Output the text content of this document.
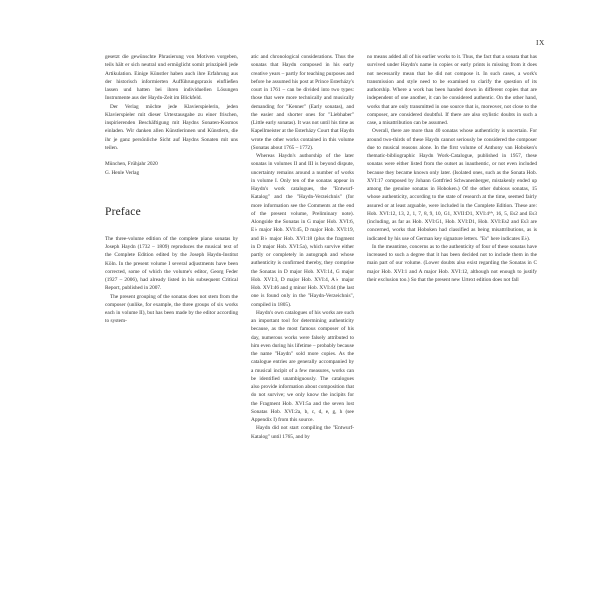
IX

gesetzt die gewünschte Phrasierung von Motiven vorgeben, teils hält er sich neutral und ermöglicht somit prinzipiell jede Artikulation. Einige Künstler haben auch ihre Erfahrung aus der historisch informierten Aufführungspraxis einfließen lassen und hatten bei ihren individuellen Lösungen Instrumente aus der Haydn-Zeit im Blickfeld.

Der Verlag möchte jede Klavierspielerin, jeden Klavierspieler mit dieser Urtextausgabe zu einer frischen, inspirierenden Beschäftigung mit Haydns Sonaten-Kosmos einladen. Wir danken allen Künstlerinnen und Künstlern, die ihr je ganz persönliche Sicht auf Haydns Sonaten mit uns teilen.

München, Frühjahr 2020
G. Henle Verlag
Preface

The three-volume edition of the complete piano sonatas by Joseph Haydn (1732 – 1809) reproduces the musical text of the Complete Edition edited by the Joseph Haydn-Institut Köln. In the present volume I several adjustments have been corrected, some of which the volume's editor, Georg Feder (1927 – 2006), had already listed in his subsequent Critical Report, published in 2007.

The present grouping of the sonatas does not stem from the composer (unlike, for example, the three groups of six works each in volume II), but has been made by the editor according to system-

atic and chronological considerations. Thus the sonatas that Haydn composed in his early creative years – partly for teaching purposes and before he assumed his post at Prince Esterházy's court in 1761 – can be divided into two types: those that were more technically and musically demanding for "Kenner" (Early sonatas), and the easier and shorter ones for "Liebhaber" (Little early sonatas). It was not until his time as Kapellmeister at the Esterházy Court that Haydn wrote the other works contained in this volume (Sonatas about 1765 – 1772).

Whereas Haydn's authorship of the later sonatas in volumes II and III is beyond dispute, uncertainty remains around a number of works in volume I. Only ten of the sonatas appear in Haydn's work catalogues, the "Entwurf-Katalog" and the "Haydn-Verzeichnis" (for more information see the Comments at the end of the present volume, Preliminary note). Alongside the Sonatas in G major Hob. XVI:6, E♭ major Hob. XVI:45, D major Hob. XVI:19, and B♭ major Hob. XVI:18 (plus the fragment in D major Hob. XVI:5a), which survive either partly or completely in autograph and whose authenticity is confirmed thereby, they comprise the Sonatas in D major Hob. XVI:14, G major Hob. XVI:3, D major Hob. XVI:4, A♭ major Hob. XVI:46 and g minor Hob. XVI:44 (the last one is found only in the "Haydn-Verzeichnis", compiled in 1805).

Haydn's own catalogues of his works are such an important tool for determining authenticity because, as the most famous composer of his day, numerous works were falsely attributed to him even during his lifetime – probably because the name "Haydn" sold more copies. As the catalogue entries are generally accompanied by a musical incipit of a few measures, works can be identified unambiguously. The catalogues also provide information about composition that do not survive; we only know the incipits for the Fragment Hob. XVI:5a and the seven lost Sonatas Hob. XVI:2a, b, c, d, e, g, h (see Appendix I) from this source.

Haydn did not start compiling the "Entwurf-Katalog" until 1765, and by

no means added all of his earlier works to it. Thus, the fact that a sonata that has survived under Haydn's name in copies or early prints is missing from it does not necessarily mean that he did not compose it. In such cases, a work's transmission and style need to be examined to clarify the question of its authorship. Where a work has been handed down in different copies that are independent of one another, it can be considered authentic. On the other hand, works that are only transmitted in one source that is, moreover, not close to the composer, are considered doubtful. If there are also stylistic doubts in such a case, a misattribution can be assumed.

Overall, there are more than 40 sonatas whose authenticity is uncertain. For around two-thirds of these Haydn cannot seriously be considered the composer due to musical reasons alone. In the first volume of Anthony van Hoboken's thematic-bibliographic Haydn Work-Catalogue, published in 1957, these sonatas were either listed from the outset as inauthentic, or not even included because they became known only later. (Isolated ones, such as the Sonata Hob. XVI:17 composed by Johann Gottfried Schwanenberger, mistakenly ended up among the genuine sonatas in Hoboken.) Of the other dubious sonatas, 15 whose authenticity, according to the state of research at the time, seemed fairly assured or at least arguable, were included in the Complete Edition. These are: Hob. XVI:12, 13, 2, 1, 7, 8, 9, 10, G1, XVII:D1, XVI:4ᵇⁱˢ, 16, 5, Es2 and Es3 (including, as far as Hob. XVI:G1, Hob. XVI:D1, Hob. XVI:Es2 and Es3 are concerned, works that Hoboken had classified as being misattributions, as is indicated by his use of German key signature letters. "Es" here indicates E♭).

In the meantime, concerns as to the authenticity of four of these sonatas have increased to such a degree that it has been decided not to include them in the main part of our volume. (Lower doubts also exist regarding the Sonatas in C major Hob. XVI:1 and A major Hob. XVI:12, although not enough to justify their exclusion too.) So that the present new Urtext edition does not fall
